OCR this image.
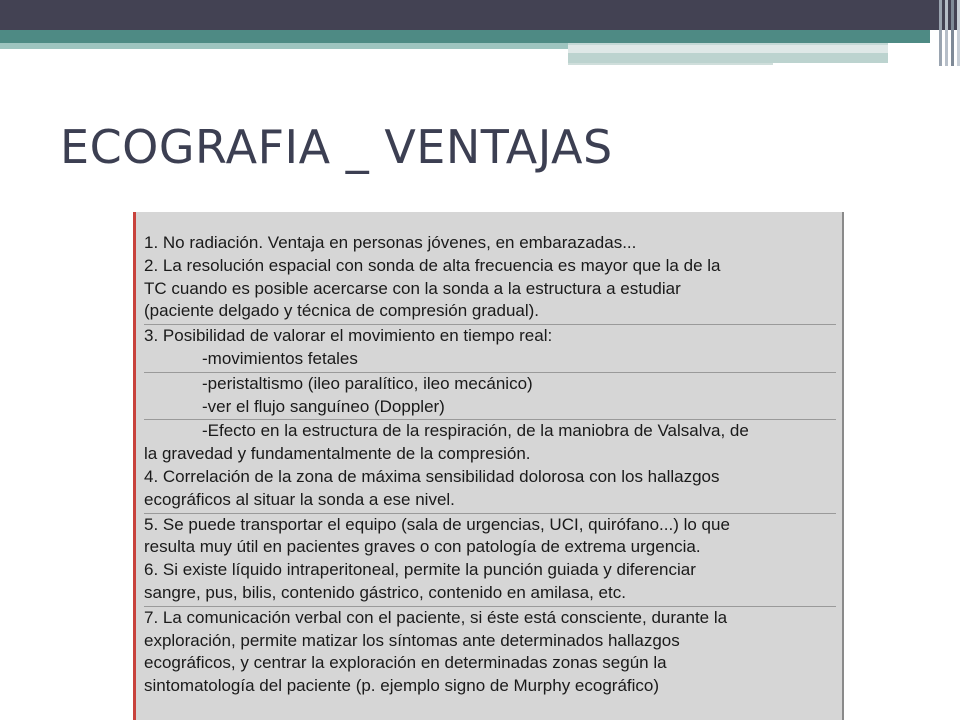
ECOGRAFIA _ VENTAJAS

1. No radiación. Ventaja en personas jóvenes, en embarazadas...

2. La resolución espacial con sonda de alta frecuencia es mayor que la de la

TC cuando es posible acercarse con la sonda a la estructura a estudiar

(paciente delgado y técnica de compresión gradual).

3. Posibilidad de valorar el movimiento en tiempo real:

-movimientos fetales

-peristaltismo (ileo paralítico, ileo mecánico)

-ver el flujo sanguíneo (Doppler)

-Efecto en la estructura de la respiración, de la maniobra de Valsalva, de

la gravedad y fundamentalmente de la compresión.

4. Correlación de la zona de máxima sensibilidad dolorosa con los hallazgos

ecográficos al situar la sonda a ese nivel.

5. Se puede transportar el equipo (sala de urgencias, UCI, quirófano...) lo que

resulta muy útil en pacientes graves o con patología de extrema urgencia.

6. Si existe líquido intraperitoneal, permite la punción guiada y diferenciar

sangre, pus, bilis, contenido gástrico, contenido en amilasa, etc.

7. La comunicación verbal con el paciente, si éste está consciente, durante la

exploración, permite matizar los síntomas ante determinados hallazgos

ecográficos, y centrar la exploración en determinadas zonas según la

sintomatología del paciente (p. ejemplo signo de Murphy ecográfico)
